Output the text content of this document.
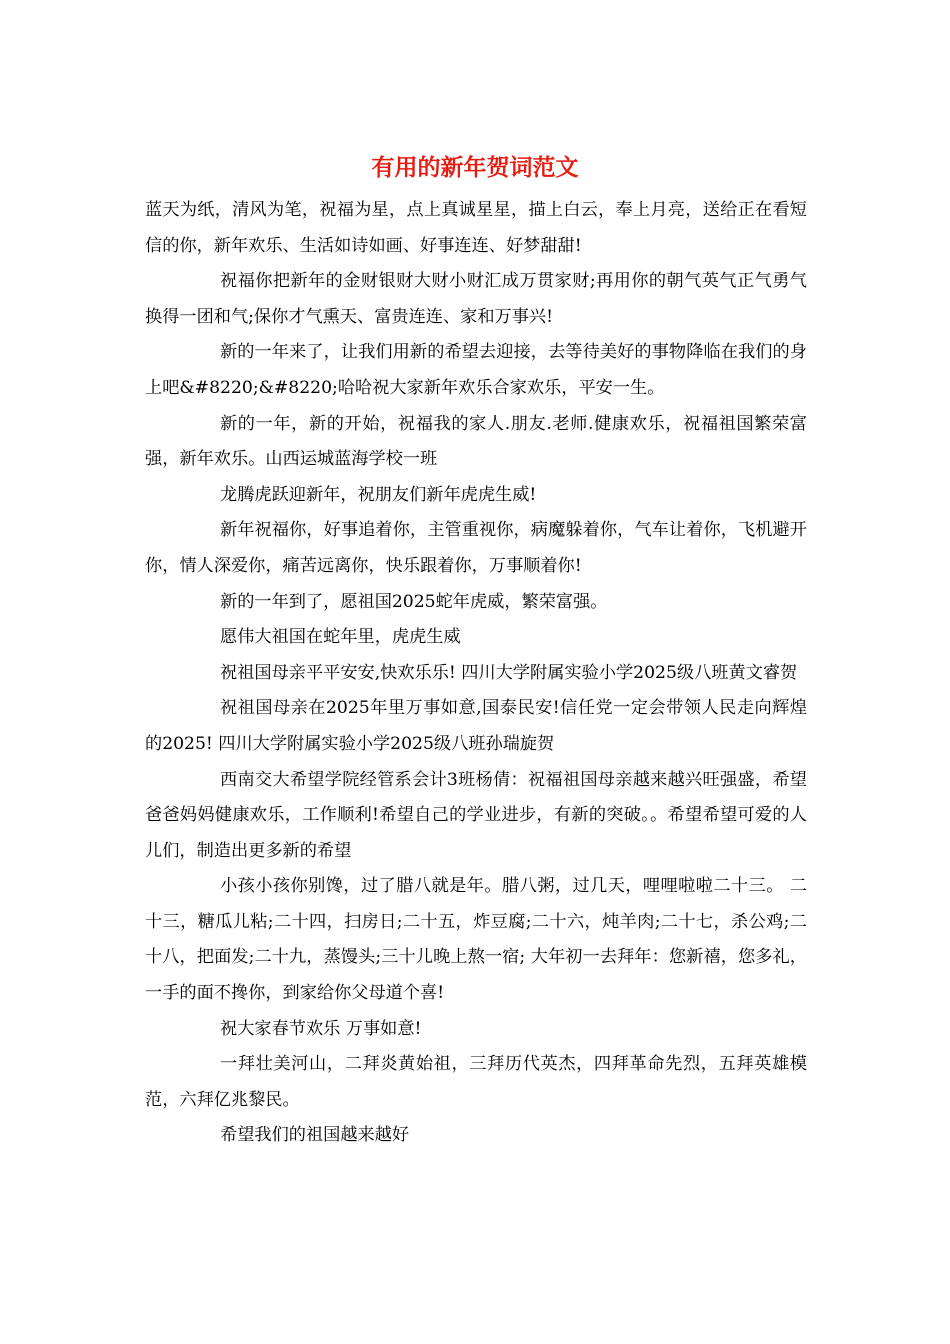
有用的新年贺词范文

蓝天为纸，清风为笔，祝福为星，点上真诚星星，描上白云，奉上月亮，送给正在看短信的你，新年欢乐、生活如诗如画、好事连连、好梦甜甜!

祝福你把新年的金财银财大财小财汇成万贯家财;再用你的朝气英气正气勇气换得一团和气;保你才气熏天、富贵连连、家和万事兴!

新的一年来了，让我们用新的希望去迎接，去等待美好的事物降临在我们的身上吧&#8220;&#8220;哈哈祝大家新年欢乐合家欢乐，平安一生。

新的一年，新的开始，祝福我的家人.朋友.老师.健康欢乐，祝福祖国繁荣富强，新年欢乐。山西运城蓝海学校一班

龙腾虎跃迎新年，祝朋友们新年虎虎生威!

新年祝福你，好事追着你，主管重视你，病魔躲着你，气车让着你，飞机避开你，情人深爱你，痛苦远离你，快乐跟着你，万事顺着你!

新的一年到了，愿祖国2025蛇年虎威，繁荣富强。

愿伟大祖国在蛇年里，虎虎生威

祝祖国母亲平平安安,快欢乐乐! 四川大学附属实验小学2025级八班黄文睿贺

祝祖国母亲在2025年里万事如意,国泰民安!信任党一定会带领人民走向辉煌的2025! 四川大学附属实验小学2025级八班孙瑞旋贺

西南交大希望学院经管系会计3班杨倩：祝福祖国母亲越来越兴旺强盛，希望爸爸妈妈健康欢乐，工作顺利!希望自己的学业进步，有新的突破。。希望希望可爱的人儿们，制造出更多新的希望

小孩小孩你别馋，过了腊八就是年。腊八粥，过几天，哩哩啦啦二十三。 二十三，糖瓜儿粘;二十四，扫房日;二十五，炸豆腐;二十六，炖羊肉;二十七，杀公鸡;二十八，把面发;二十九，蒸馒头;三十儿晚上熬一宿; 大年初一去拜年：您新禧，您多礼， 一手的面不搀你，到家给你父母道个喜!

祝大家春节欢乐 万事如意!

一拜壮美河山，二拜炎黄始祖，三拜历代英杰，四拜革命先烈，五拜英雄模范，六拜亿兆黎民。

希望我们的祖国越来越好
